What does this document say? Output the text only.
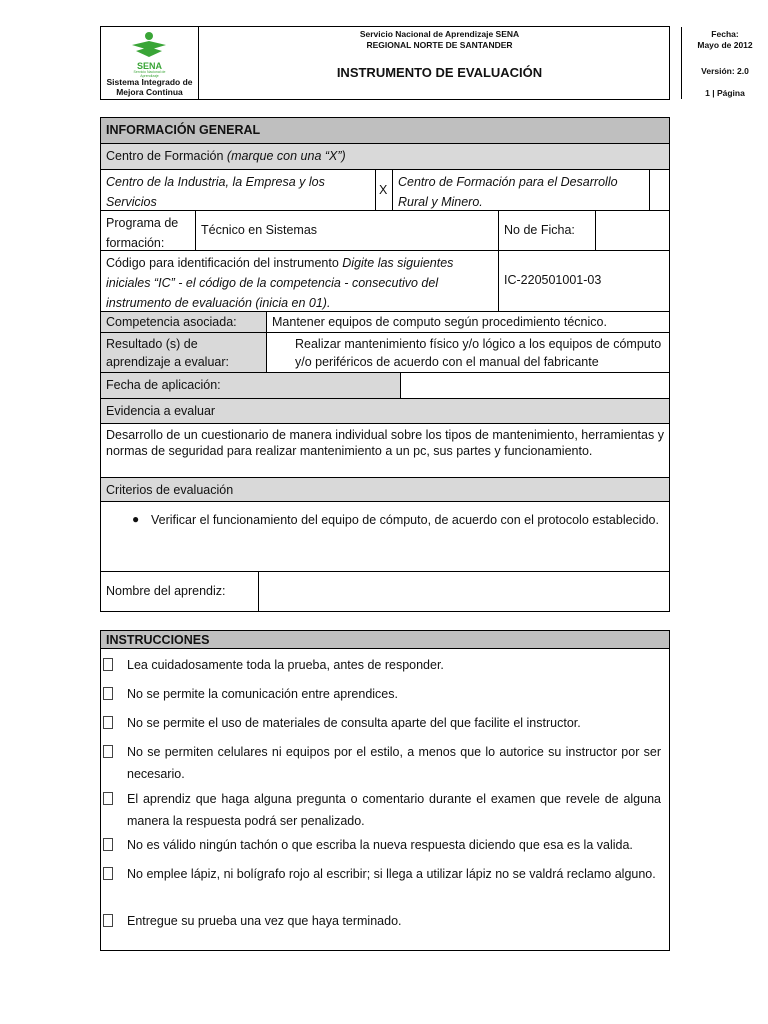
SENA
Servicio Nacional de Aprendizaje
Sistema Integrado de
Mejora Continua
Servicio Nacional de Aprendizaje SENA
REGIONAL NORTE DE SANTANDER
INSTRUMENTO DE EVALUACIÓN
Fecha:
Mayo de 2012
Versión: 2.0
1 | Página
INFORMACIÓN GENERAL
Centro de Formación (marque con una “X”)
Centro de la Industria, la Empresa y los Servicios
X
Centro de Formación para el Desarrollo Rural y Minero.
Programa de formación:
Técnico en Sistemas	No de Ficha:
Código para identificación del instrumento Digite las siguientes iniciales “IC” - el código de la competencia - consecutivo del instrumento de evaluación (inicia en 01).
IC-220501001-03
Competencia asociada:	Mantener equipos de computo según procedimiento técnico.
Resultado (s) de aprendizaje a evaluar:
Realizar mantenimiento físico y/o lógico a los equipos de cómputo y/o periféricos de acuerdo con el manual del fabricante
Fecha de aplicación:
Evidencia a evaluar
Desarrollo de un cuestionario de manera individual sobre los tipos de mantenimiento, herramientas y normas de seguridad para realizar mantenimiento a un pc, sus partes y funcionamiento.
Criterios de evaluación
● Verificar el funcionamiento del equipo de cómputo, de acuerdo con el protocolo establecido.
Nombre del aprendiz:
INSTRUCCIONES
Lea cuidadosamente toda la prueba, antes de responder.
No se permite la comunicación entre aprendices.
No se permite el uso de materiales de consulta aparte del que facilite el instructor.
No se permiten celulares ni equipos por el estilo, a menos que lo autorice su instructor por ser necesario.
El aprendiz que haga alguna pregunta o comentario durante el examen que revele de alguna manera la respuesta podrá ser penalizado.
No es válido ningún tachón o que escriba la nueva respuesta diciendo que esa es la valida.
No emplee lápiz, ni bolígrafo rojo al escribir; si llega a utilizar lápiz no se valdrá reclamo alguno.
Entregue su prueba una vez que haya terminado.
